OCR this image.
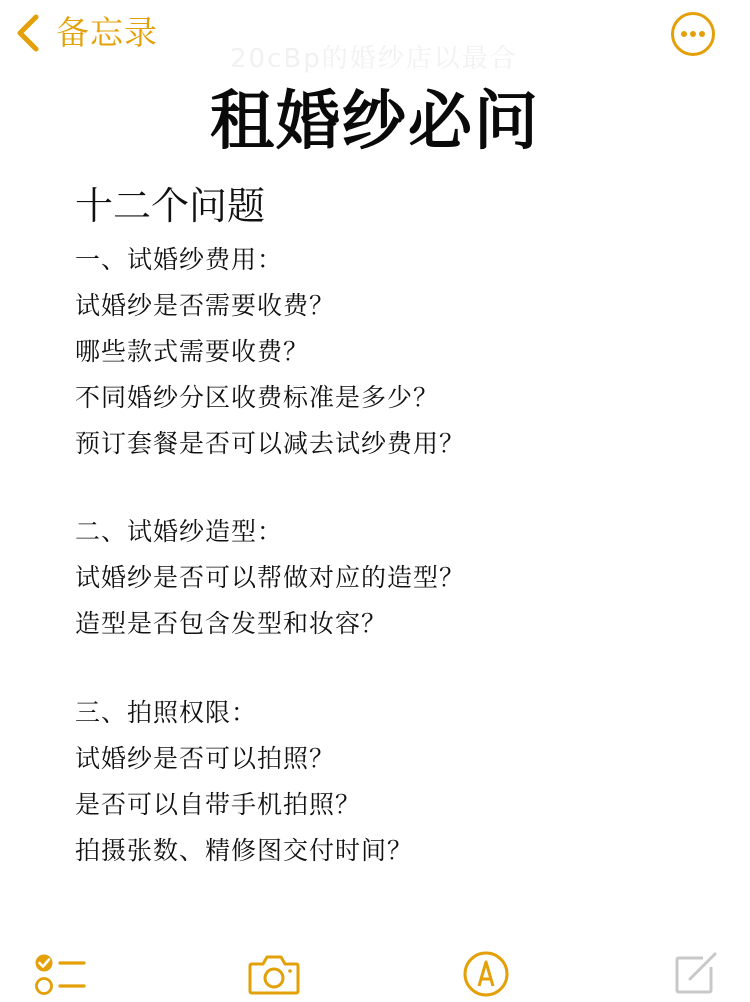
备忘录
20cBp的婚纱店以最合
租婚纱必问
十二个问题
一、试婚纱费用：
试婚纱是否需要收费？
哪些款式需要收费？
不同婚纱分区收费标准是多少？
预订套餐是否可以减去试纱费用？
二、试婚纱造型：
试婚纱是否可以帮做对应的造型？
造型是否包含发型和妆容？
三、拍照权限：
试婚纱是否可以拍照？
是否可以自带手机拍照？
拍摄张数、精修图交付时间？
